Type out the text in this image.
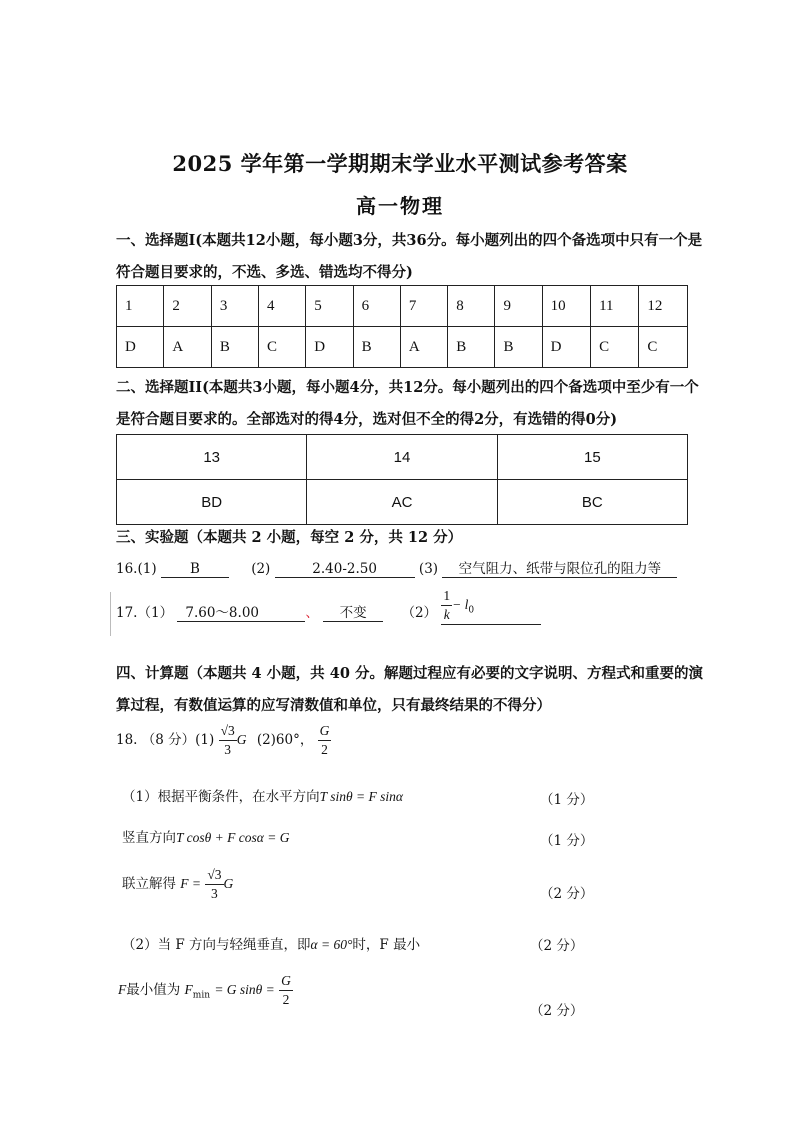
2025 学年第一学期期末学业水平测试参考答案
高一物理
一、选择题I(本题共12小题，每小题3分，共36分。每小题列出的四个备选项中只有一个是
符合题目要求的，不选、多选、错选均不得分)
1	2	3	4	5	6	7	8	9	10	11	12
D	A	B	C	D	B	A	B	B	D	C	C
二、选择题II(本题共3小题，每小题4分，共12分。每小题列出的四个备选项中至少有一个
是符合题目要求的。全部选对的得4分，选对但不全的得2分，有选错的得0分)
13	14	15
BD	AC	BC
三、实验题（本题共 2 小题，每空 2 分，共 12 分）
16.(1) B	(2)	2.40-2.50	(3) 空气阻力、纸带与限位孔的阻力等
17.（1） 7.60～8.00	、 不变	$(2) \frac{1}{k} - l_0$
四、计算题（本题共 4 小题，共 40 分。解题过程应有必要的文字说明、方程式和重要的演
算过程，有数值运算的应写清数值和单位，只有最终结果的不得分）
18. （8 分）$(1) \frac{√3}{3}$ G (2)60°， $\frac{G}{2}$
（1）根据平衡条件，在水平方向T sinθ = F sinα	（1 分）
竖直方向T cosθ + F cosα = G	（1 分）
联立解得 $F = \frac{√3}{3}$ G
（2 分）
（2）当 F 方向与轻绳垂直，即α = 60°时，F 最小	（2 分）
F最小值为 $F_{min} = G$ $\sin\theta = \frac{G}{2}$
（2 分）
